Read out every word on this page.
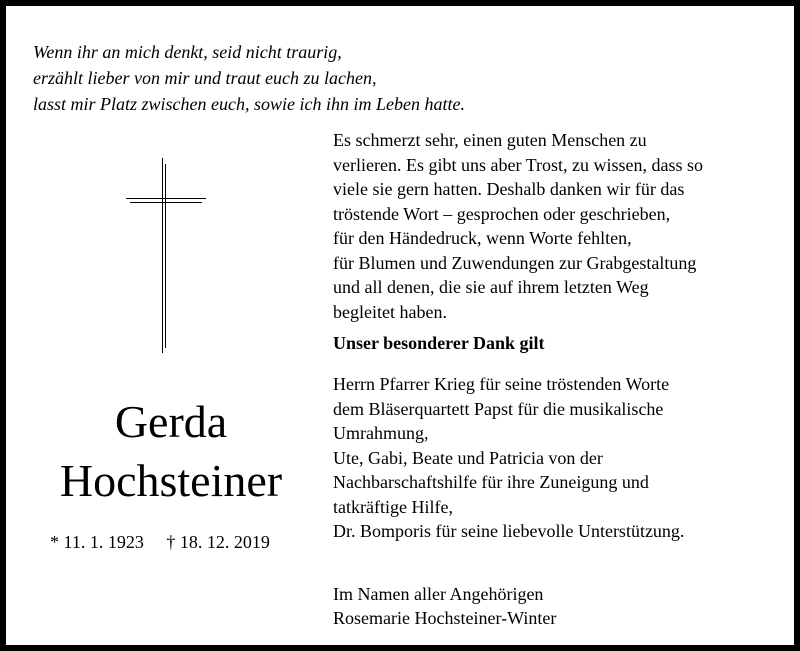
Wenn ihr an mich denkt, seid nicht traurig,
erzählt lieber von mir und traut euch zu lachen,
lasst mir Platz zwischen euch, sowie ich ihn im Leben hatte.
Gerda
Hochsteiner
* 11. 1. 1923 † 18. 12. 2019
Es schmerzt sehr, einen guten Menschen zu
verlieren. Es gibt uns aber Trost, zu wissen, dass so
viele sie gern hatten. Deshalb danken wir für das
tröstende Wort – gesprochen oder geschrieben,
für den Händedruck, wenn Worte fehlten,
für Blumen und Zuwendungen zur Grabgestaltung
und all denen, die sie auf ihrem letzten Weg
begleitet haben.
Unser besonderer Dank gilt
Herrn Pfarrer Krieg für seine tröstenden Worte
dem Bläserquartett Papst für die musikalische
Umrahmung,
Ute, Gabi, Beate und Patricia von der
Nachbarschaftshilfe für ihre Zuneigung und
tatkräftige Hilfe,
Dr. Bomporis für seine liebevolle Unterstützung.
Im Namen aller Angehörigen
Rosemarie Hochsteiner-Winter
